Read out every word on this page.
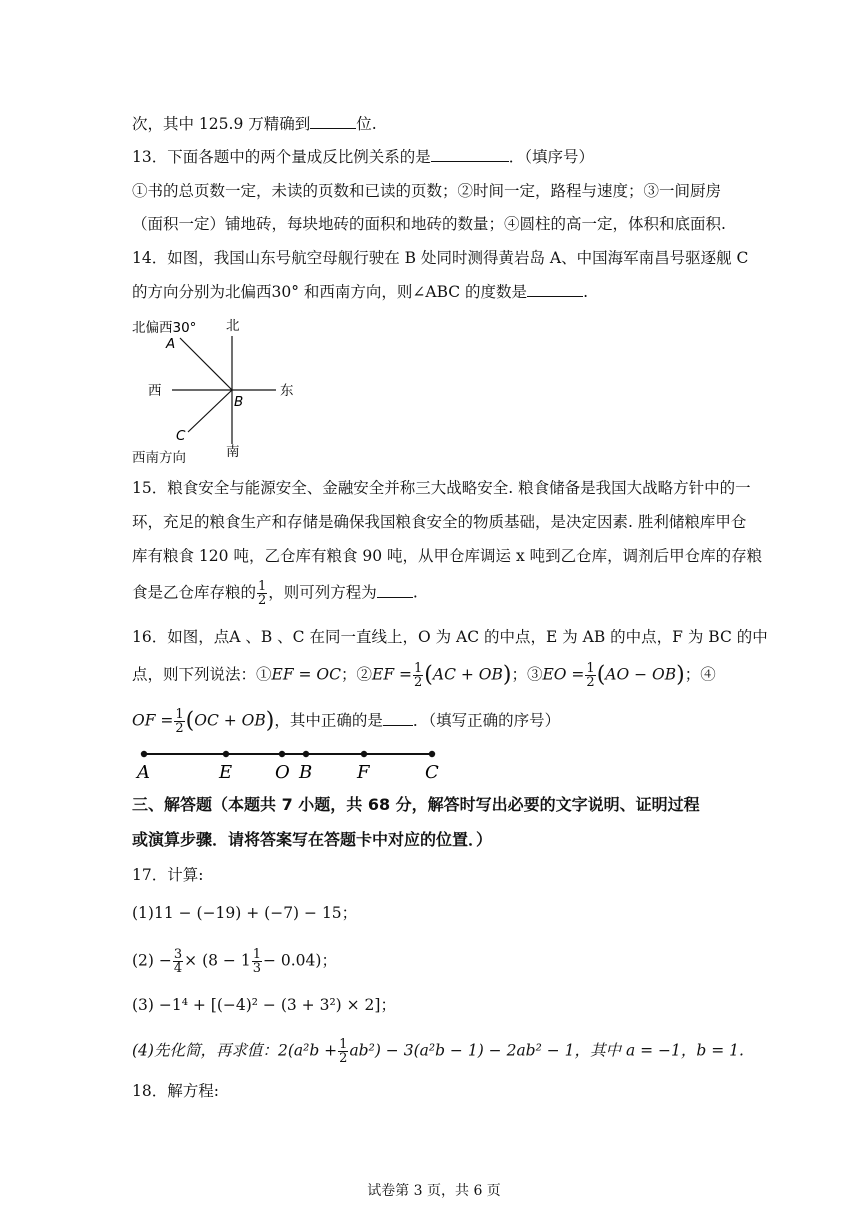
次，其中 125.9 万精确到	位.
13．下面各题中的两个量成反比例关系的是	．（填序号）
①书的总页数一定，未读的页数和已读的页数；②时间一定，路程与速度；③一间厨房
（面积一定）铺地砖，每块地砖的面积和地砖的数量；④圆柱的高一定，体积和底面积.
14．如图，我国山东号航空母舰行驶在 B 处同时测得黄岩岛 A、中国海军南昌号驱逐舰 C
的方向分别为北偏西30° 和西南方向，则∠ABC 的度数是	.
北偏西30° 北
南
西	东
A
B
C
西南方向
15．粮食安全与能源安全、金融安全并称三大战略安全. 粮食储备是我国大战略方针中的一
环，充足的粮食生产和存储是确保我国粮食安全的物质基础，是决定因素. 胜利储粮库甲仓
库有粮食 120 吨，乙仓库有粮食 90 吨，从甲仓库调运 x 吨到乙仓库，调剂后甲仓库的存粮
食是乙仓库存粮的 $\frac{1}{2}$ ，则可列方程为 .
16．如图，点A 、B 、C 在同一直线上，O 为 AC 的中点，E 为 AB 的中点，F 为 BC 的中
点，则下列说法：①EF = OC；②EF = $\frac{1}{2} (AC + OB)$；③EO = $\frac{1}{2} (AO - OB)$；④
OF = $\frac{1}{2} (OC + OB)$，其中正确的是 ．（填写正确的序号）
A	E O B F	C
三、解答题（本题共 7 小题，共 68 分，解答时写出必要的文字说明、证明过程
或演算步骤．请将答案写在答题卡中对应的位置．）
17．计算:
(1)11 − (−19) + (−7) − 15；
$(2) - \frac{3}{4} \times (8 - 1 \frac{1}{3} - 0.04)$；
(3) −1⁴ + [(−4)² − (3 + 3²) × 2]；
(4)先化简，再求值：$2(a^2b + \frac{1}{2} ab^2) - 3(a^2b - 1) - 2ab^2 - 1$，其中 a = −1，b = 1.
18．解方程:
试卷第 3 页，共 6 页
